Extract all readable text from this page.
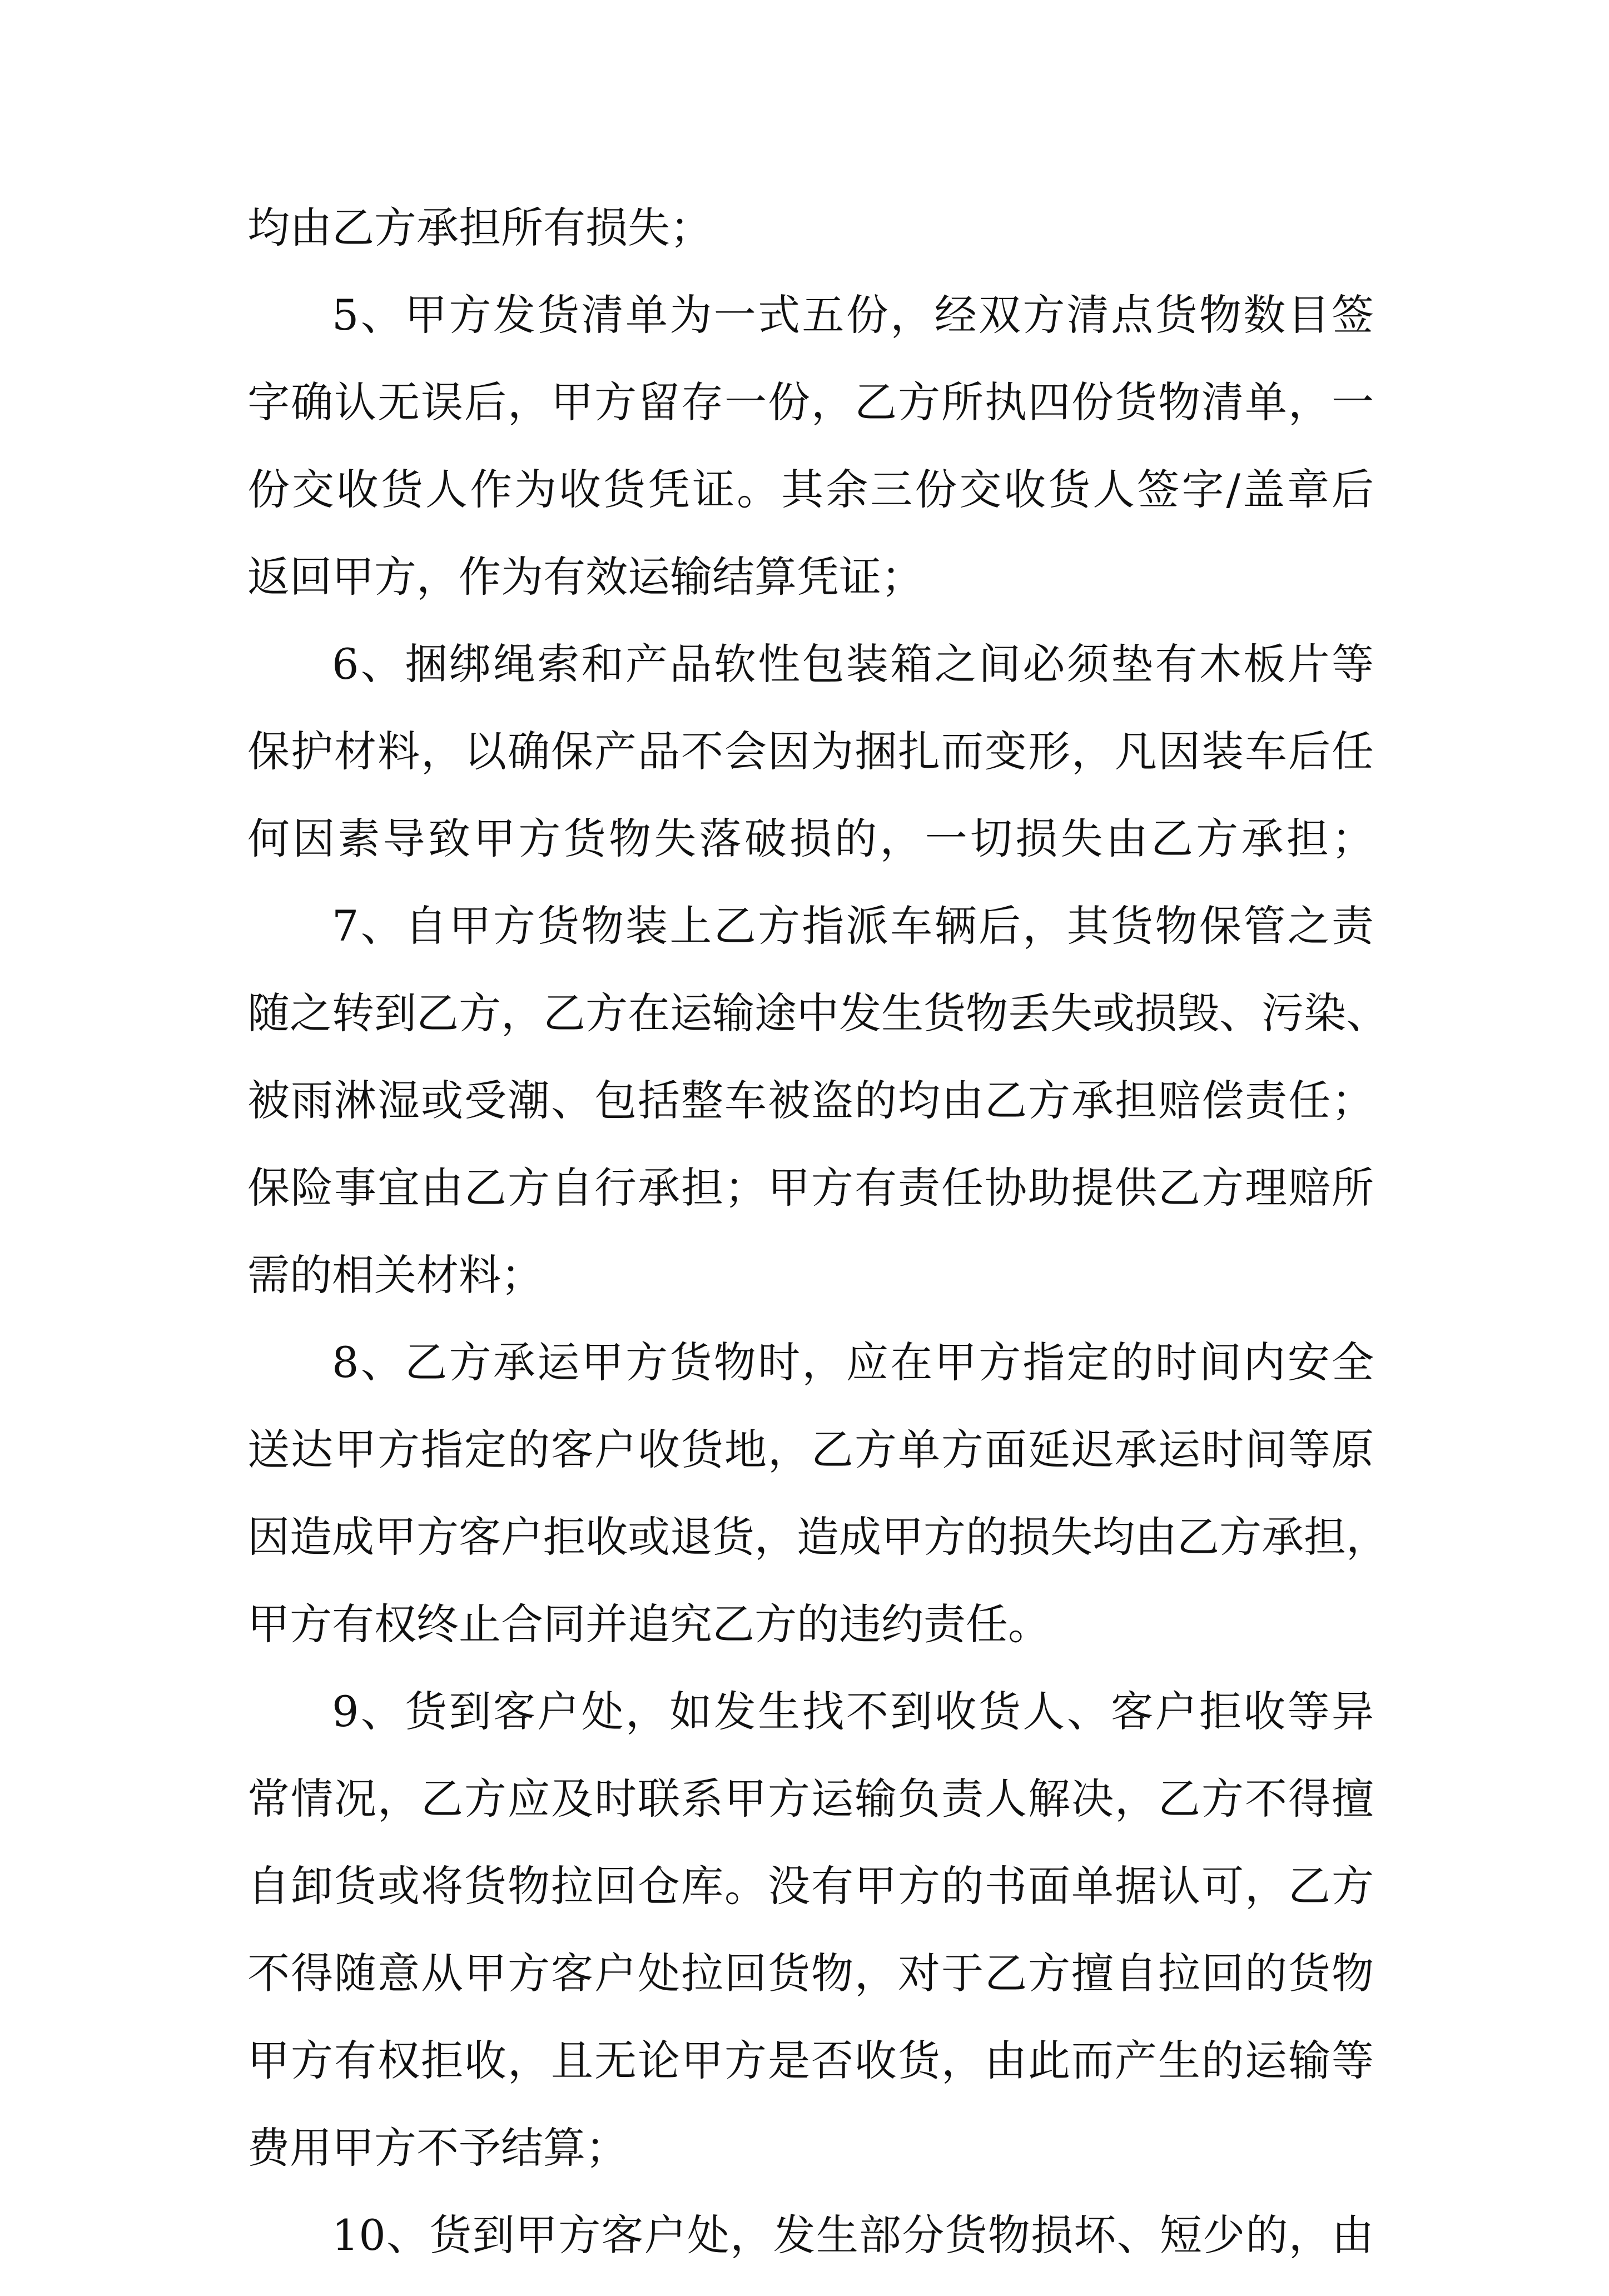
均由乙方承担所有损失；
5、甲方发货清单为一式五份，经双方清点货物数目签
字确认无误后，甲方留存一份，乙方所执四份货物清单，一
份交收货人作为收货凭证。其余三份交收货人签字/盖章后
返回甲方，作为有效运输结算凭证；
6、捆绑绳索和产品软性包装箱之间必须垫有木板片等
保护材料，以确保产品不会因为捆扎而变形，凡因装车后任
何因素导致甲方货物失落破损的，一切损失由乙方承担；
7、自甲方货物装上乙方指派车辆后，其货物保管之责
随之转到乙方，乙方在运输途中发生货物丢失或损毁、污染、
被雨淋湿或受潮、包括整车被盗的均由乙方承担赔偿责任；
保险事宜由乙方自行承担；甲方有责任协助提供乙方理赔所
需的相关材料；
8、乙方承运甲方货物时，应在甲方指定的时间内安全
送达甲方指定的客户收货地，乙方单方面延迟承运时间等原
因造成甲方客户拒收或退货，造成甲方的损失均由乙方承担，
甲方有权终止合同并追究乙方的违约责任。
9、货到客户处，如发生找不到收货人、客户拒收等异
常情况，乙方应及时联系甲方运输负责人解决，乙方不得擅
自卸货或将货物拉回仓库。没有甲方的书面单据认可，乙方
不得随意从甲方客户处拉回货物，对于乙方擅自拉回的货物
甲方有权拒收，且无论甲方是否收货，由此而产生的运输等
费用甲方不予结算；
10、货到甲方客户处，发生部分货物损坏、短少的，由
